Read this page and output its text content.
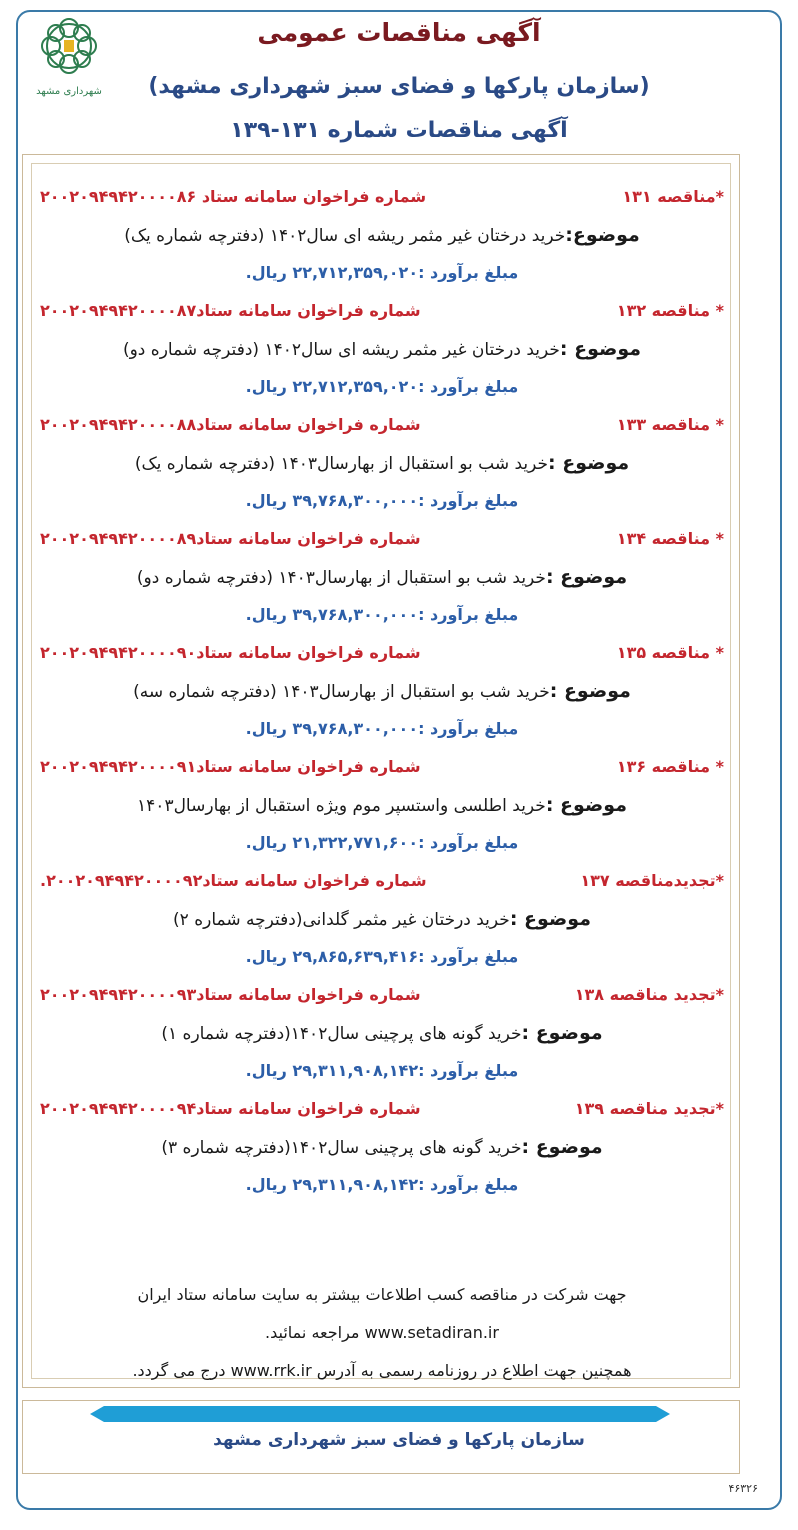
شهرداری مشهد
آگهی مناقصات عمومی
(سازمان پارکها و فضای سبز شهرداری مشهد)
آگهی مناقصات شماره ۱۳۱-۱۳۹
*مناقصه ۱۳۱
شماره فراخوان سامانه ستاد ۲۰۰۲۰۹۴۹۴۲۰۰۰۰۸۶
موضوع:خرید درختان غیر مثمر ریشه ای سال۱۴۰۲ (دفترچه شماره یک)
مبلغ برآورد :۲۲,۷۱۲,۳۵۹,۰۲۰ ریال.
* مناقصه ۱۳۲
شماره فراخوان سامانه ستاد۲۰۰۲۰۹۴۹۴۲۰۰۰۰۸۷
موضوع :خرید درختان غیر مثمر ریشه ای سال۱۴۰۲ (دفترچه شماره دو)
مبلغ برآورد :۲۲,۷۱۲,۳۵۹,۰۲۰ ریال.
* مناقصه ۱۳۳
شماره فراخوان سامانه ستاد۲۰۰۲۰۹۴۹۴۲۰۰۰۰۸۸
موضوع :خرید شب بو استقبال از بهارسال۱۴۰۳ (دفترچه شماره یک)
مبلغ برآورد :۳۹,۷۶۸,۳۰۰,۰۰۰ ریال.
* مناقصه ۱۳۴
شماره فراخوان سامانه ستاد۲۰۰۲۰۹۴۹۴۲۰۰۰۰۸۹
موضوع :خرید شب بو استقبال از بهارسال۱۴۰۳ (دفترچه شماره دو)
مبلغ برآورد :۳۹,۷۶۸,۳۰۰,۰۰۰ ریال.
* مناقصه ۱۳۵
شماره فراخوان سامانه ستاد۲۰۰۲۰۹۴۹۴۲۰۰۰۰۹۰
موضوع :خرید شب بو استقبال از بهارسال۱۴۰۳ (دفترچه شماره سه)
مبلغ برآورد :۳۹,۷۶۸,۳۰۰,۰۰۰ ریال.
* مناقصه ۱۳۶
شماره فراخوان سامانه ستاد۲۰۰۲۰۹۴۹۴۲۰۰۰۰۹۱
موضوع :خرید اطلسی واستسپر موم ویژه استقبال از بهارسال۱۴۰۳
مبلغ برآورد :۲۱,۳۲۲,۷۷۱,۶۰۰ ریال.
*تجدیدمناقصه ۱۳۷
شماره فراخوان سامانه ستاد۲۰۰۲۰۹۴۹۴۲۰۰۰۰۹۲.
موضوع :خرید درختان غیر مثمر گلدانی(دفترچه شماره ۲)
مبلغ برآورد :۲۹,۸۶۵,۶۳۹,۴۱۶ ریال.
*تجدید مناقصه ۱۳۸
شماره فراخوان سامانه ستاد۲۰۰۲۰۹۴۹۴۲۰۰۰۰۹۳
موضوع :خرید گونه های پرچینی سال۱۴۰۲(دفترچه شماره ۱)
مبلغ برآورد :۲۹,۳۱۱,۹۰۸,۱۴۲ ریال.
*تجدید مناقصه ۱۳۹
شماره فراخوان سامانه ستاد۲۰۰۲۰۹۴۹۴۲۰۰۰۰۹۴
موضوع :خرید گونه های پرچینی سال۱۴۰۲(دفترچه شماره ۳)
مبلغ برآورد :۲۹,۳۱۱,۹۰۸,۱۴۲ ریال.
جهت شرکت در مناقصه کسب اطلاعات بیشتر به سایت سامانه ستاد ایران
www.setadiran.ir مراجعه نمائید.
همچنین جهت اطلاع در روزنامه رسمی به آدرس www.rrk.ir درج می گردد.
سازمان پارکها و فضای سبز شهرداری مشهد
۴۶۳۲۶
